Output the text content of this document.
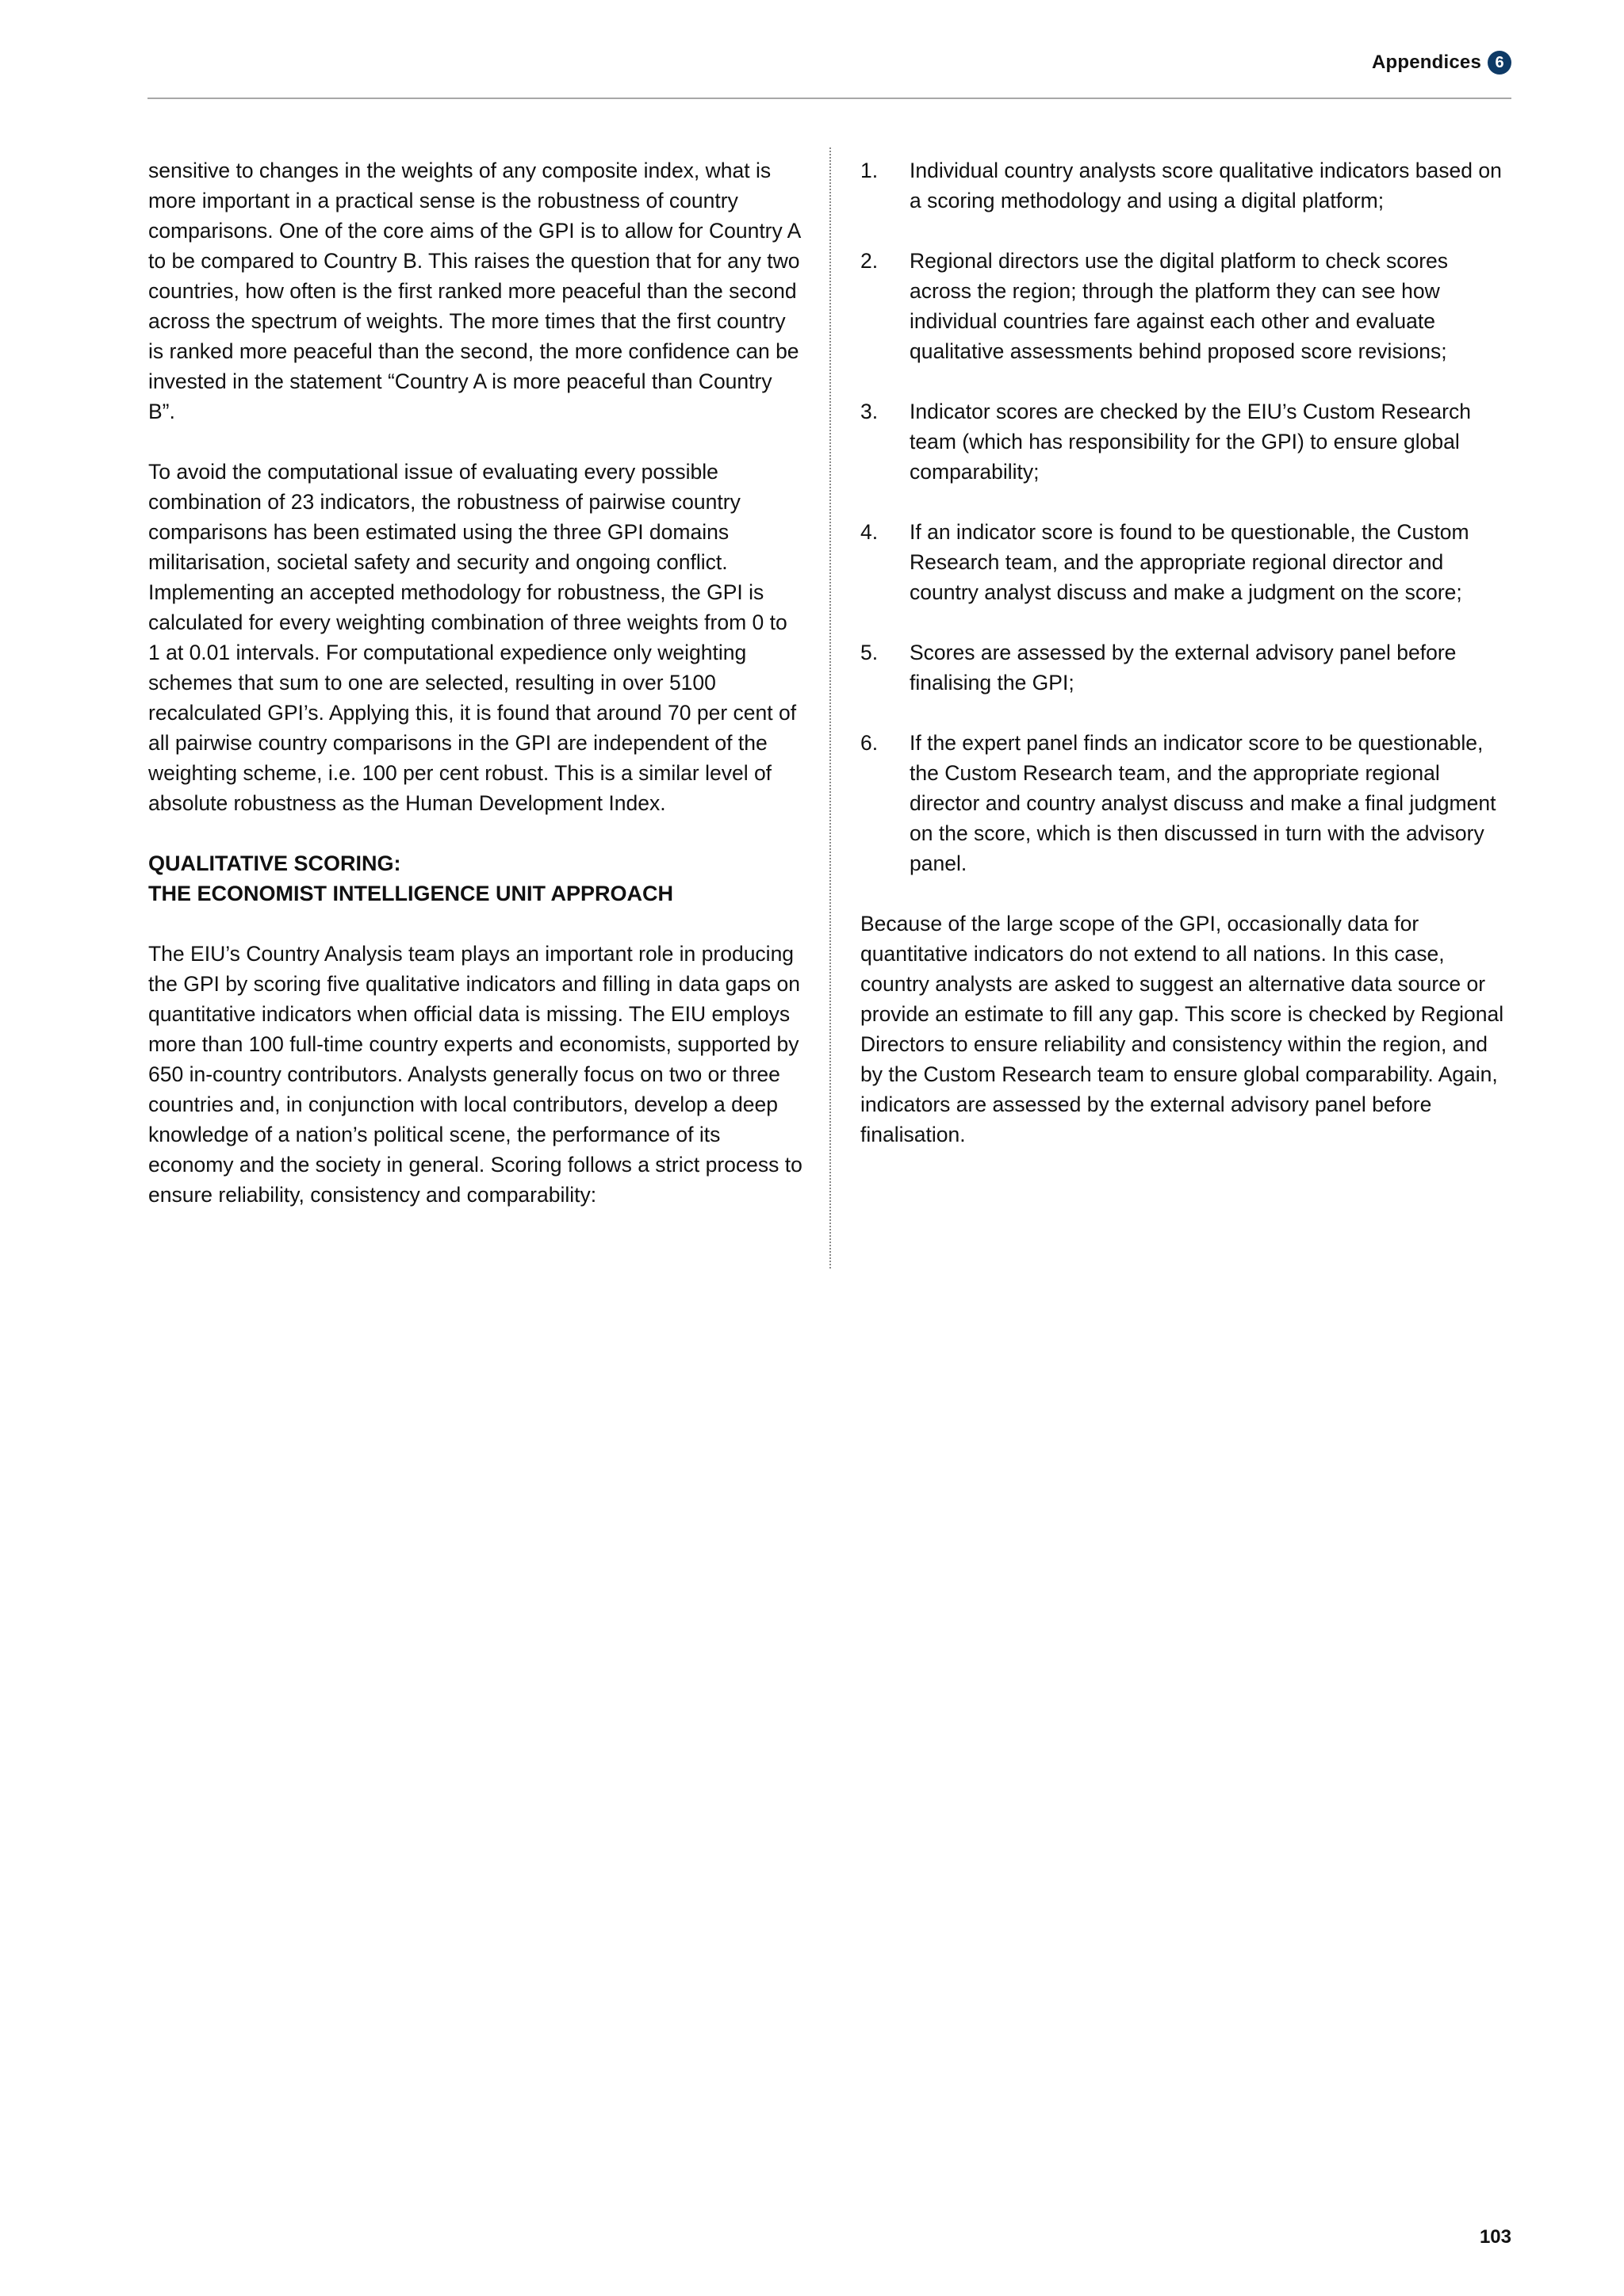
Appendices 6

sensitive to changes in the weights of any composite index, what is more important in a practical sense is the robustness of country comparisons. One of the core aims of the GPI is to allow for Country A to be compared to Country B. This raises the question that for any two countries, how often is the first ranked more peaceful than the second across the spectrum of weights. The more times that the first country is ranked more peaceful than the second, the more confidence can be invested in the statement “Country A is more peaceful than Country B”.

To avoid the computational issue of evaluating every possible combination of 23 indicators, the robustness of pairwise country comparisons has been estimated using the three GPI domains militarisation, societal safety and security and ongoing conflict. Implementing an accepted methodology for robustness, the GPI is calculated for every weighting combination of three weights from 0 to 1 at 0.01 intervals. For computational expedience only weighting schemes that sum to one are selected, resulting in over 5100 recalculated GPI’s. Applying this, it is found that around 70 per cent of all pairwise country comparisons in the GPI are independent of the weighting scheme, i.e. 100 per cent robust. This is a similar level of absolute robustness as the Human Development Index.

QUALITATIVE SCORING:
THE ECONOMIST INTELLIGENCE UNIT APPROACH

The EIU’s Country Analysis team plays an important role in producing the GPI by scoring five qualitative indicators and filling in data gaps on quantitative indicators when official data is missing. The EIU employs more than 100 full-time country experts and economists, supported by 650 in-country contributors. Analysts generally focus on two or three countries and, in conjunction with local contributors, develop a deep knowledge of a nation’s political scene, the performance of its economy and the society in general. Scoring follows a strict process to ensure reliability, consistency and comparability:

1.	Individual country analysts score qualitative indicators based on a scoring methodology and using a digital platform;
2.	Regional directors use the digital platform to check scores across the region; through the platform they can see how individual countries fare against each other and evaluate qualitative assessments behind proposed score revisions;
3.	Indicator scores are checked by the EIU’s Custom Research team (which has responsibility for the GPI) to ensure global comparability;
4.	If an indicator score is found to be questionable, the Custom Research team, and the appropriate regional director and country analyst discuss and make a judgment on the score;
5.	Scores are assessed by the external advisory panel before finalising the GPI;
6.	If the expert panel finds an indicator score to be questionable, the Custom Research team, and the appropriate regional director and country analyst discuss and make a final judgment on the score, which is then discussed in turn with the advisory panel.

Because of the large scope of the GPI, occasionally data for quantitative indicators do not extend to all nations. In this case, country analysts are asked to suggest an alternative data source or provide an estimate to fill any gap. This score is checked by Regional Directors to ensure reliability and consistency within the region, and by the Custom Research team to ensure global comparability. Again, indicators are assessed by the external advisory panel before finalisation.

103
